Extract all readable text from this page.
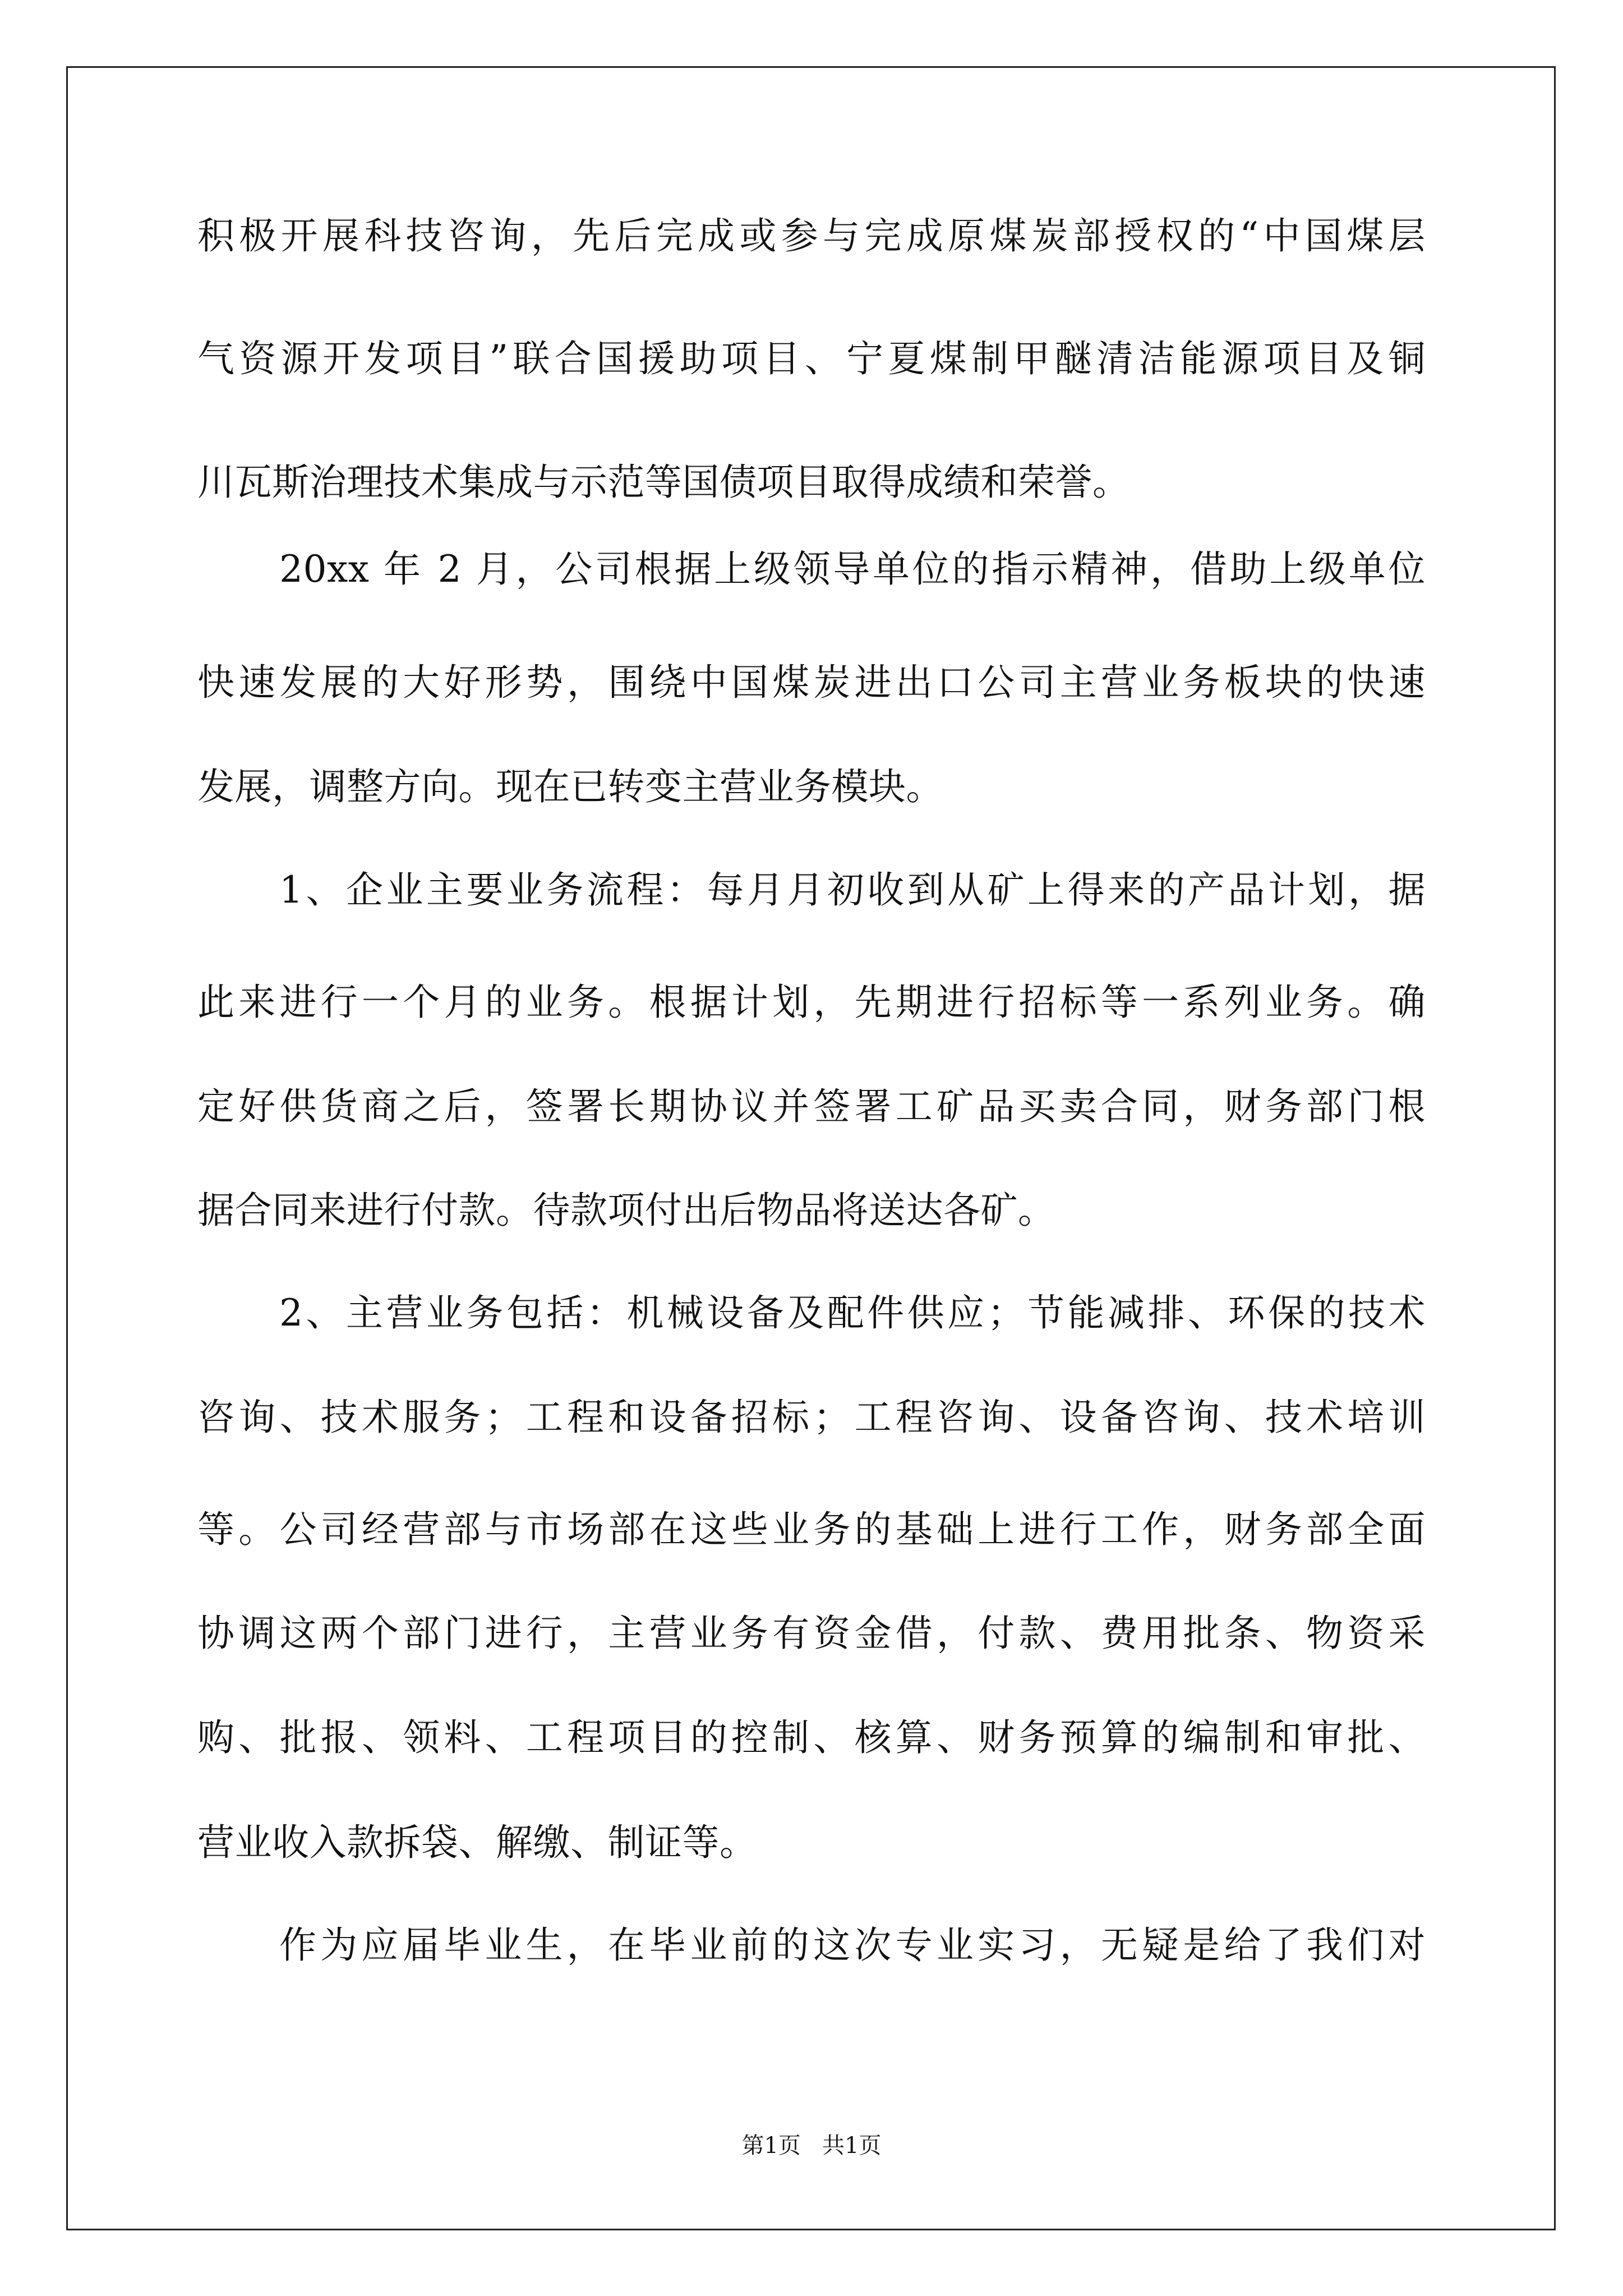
积极开展科技咨询，先后完成或参与完成原煤炭部授权的“中国煤层
气资源开发项目”联合国援助项目、宁夏煤制甲醚清洁能源项目及铜
川瓦斯治理技术集成与示范等国债项目取得成绩和荣誉。
20xx 年 2 月，公司根据上级领导单位的指示精神，借助上级单位
快速发展的大好形势，围绕中国煤炭进出口公司主营业务板块的快速
发展，调整方向。现在已转变主营业务模块。
1、企业主要业务流程：每月月初收到从矿上得来的产品计划，据
此来进行一个月的业务。根据计划，先期进行招标等一系列业务。确
定好供货商之后，签署长期协议并签署工矿品买卖合同，财务部门根
据合同来进行付款。待款项付出后物品将送达各矿。
2、主营业务包括：机械设备及配件供应；节能减排、环保的技术
咨询、技术服务；工程和设备招标；工程咨询、设备咨询、技术培训
等。公司经营部与市场部在这些业务的基础上进行工作，财务部全面
协调这两个部门进行，主营业务有资金借，付款、费用批条、物资采
购、批报、领料、工程项目的控制、核算、财务预算的编制和审批、
营业收入款拆袋、解缴、制证等。
作为应届毕业生，在毕业前的这次专业实习，无疑是给了我们对
第1页   共1页
